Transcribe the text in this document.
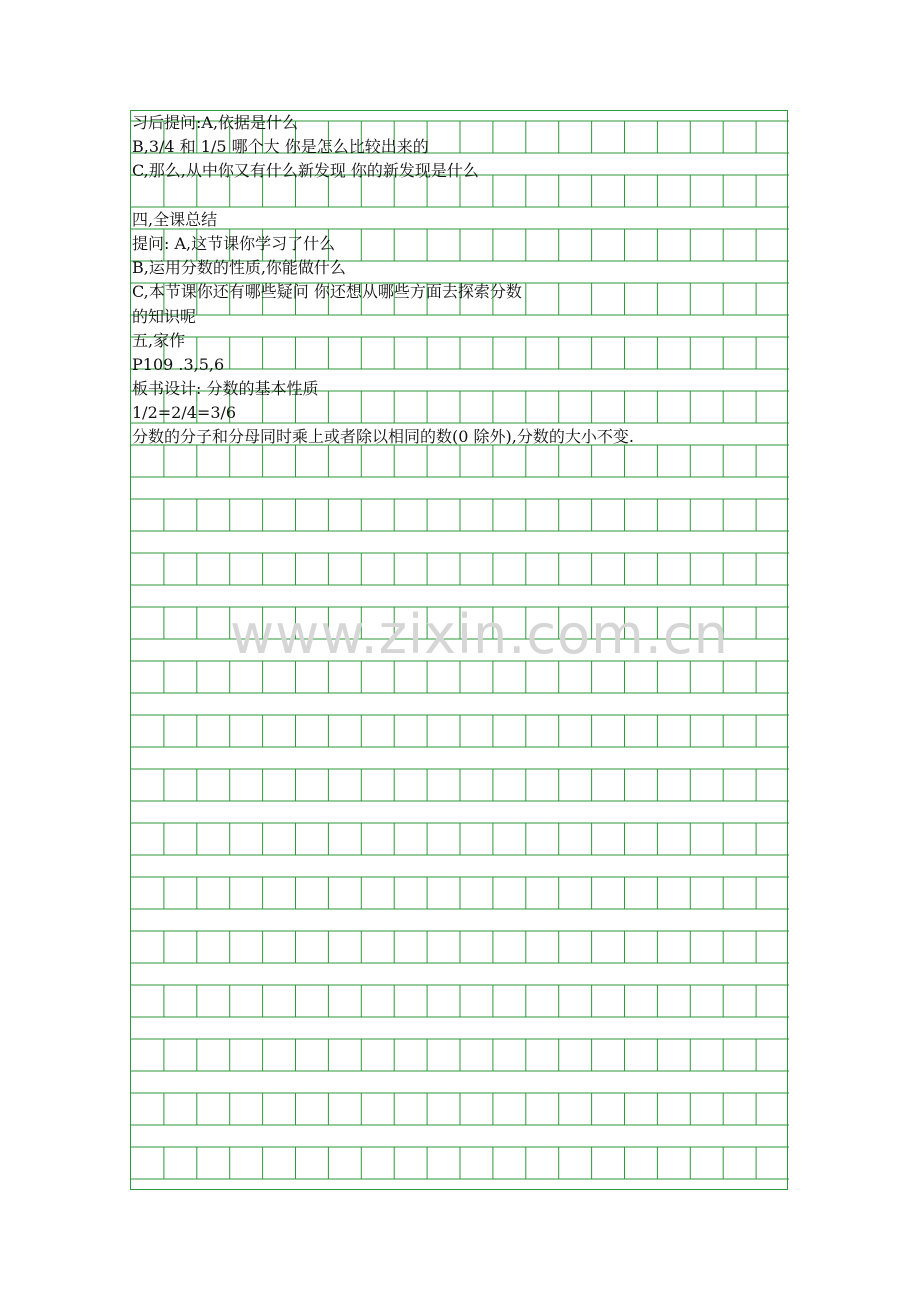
习后提问:A,依据是什么

B,3/4 和 1/5 哪个大 你是怎么比较出来的

C,那么,从中你又有什么新发现 你的新发现是什么

四,全课总结

提问: A,这节课你学习了什么

B,运用分数的性质,你能做什么

C,本节课你还有哪些疑问 你还想从哪些方面去探索分数

的知识呢

五,家作

P109 .3,5,6

板书设计: 分数的基本性质

1/2=2/4=3/6

分数的分子和分母同时乘上或者除以相同的数(0 除外),分数的大小不变.

www.zixin.com.cn
